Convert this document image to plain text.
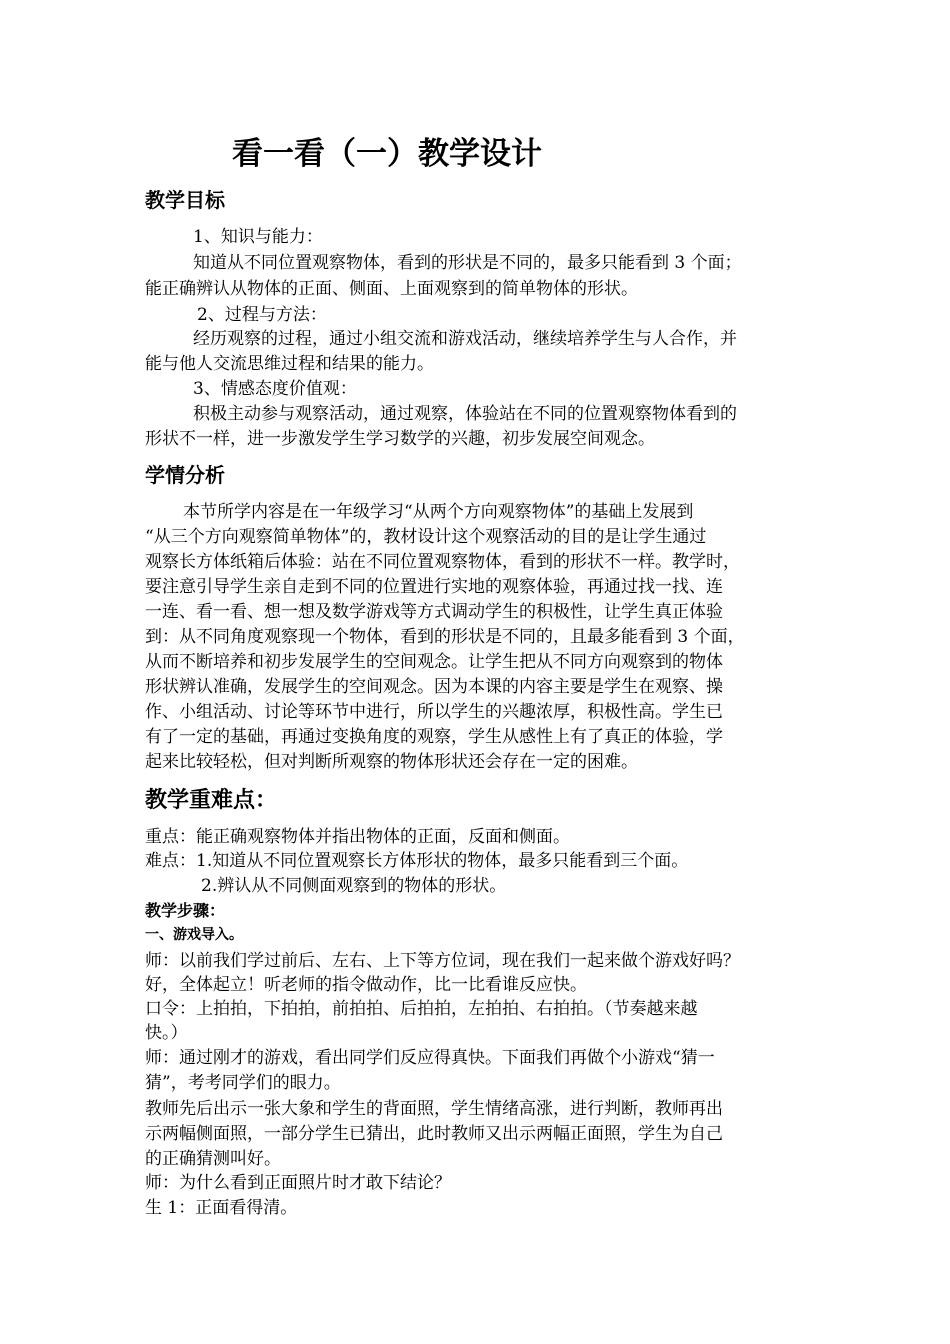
看一看（一）教学设计
教学目标
1、知识与能力：
知道从不同位置观察物体，看到的形状是不同的，最多只能看到 3 个面；
能正确辨认从物体的正面、侧面、上面观察到的简单物体的形状。
2、过程与方法：
经历观察的过程，通过小组交流和游戏活动，继续培养学生与人合作，并
能与他人交流思维过程和结果的能力。
3、情感态度价值观：
积极主动参与观察活动，通过观察，体验站在不同的位置观察物体看到的
形状不一样，进一步激发学生学习数学的兴趣，初步发展空间观念。
学情分析
本节所学内容是在一年级学习“从两个方向观察物体”的基础上发展到
“从三个方向观察简单物体”的，教材设计这个观察活动的目的是让学生通过
观察长方体纸箱后体验：站在不同位置观察物体，看到的形状不一样。教学时，
要注意引导学生亲自走到不同的位置进行实地的观察体验，再通过找一找、连
一连、看一看、想一想及数学游戏等方式调动学生的积极性，让学生真正体验
到：从不同角度观察现一个物体，看到的形状是不同的，且最多能看到 3 个面，
从而不断培养和初步发展学生的空间观念。让学生把从不同方向观察到的物体
形状辨认准确，发展学生的空间观念。因为本课的内容主要是学生在观察、操
作、小组活动、讨论等环节中进行，所以学生的兴趣浓厚，积极性高。学生已
有了一定的基础，再通过变换角度的观察，学生从感性上有了真正的体验，学
起来比较轻松，但对判断所观察的物体形状还会存在一定的困难。
教学重难点：
重点：能正确观察物体并指出物体的正面，反面和侧面。
难点：1.知道从不同位置观察长方体形状的物体，最多只能看到三个面。
2.辨认从不同侧面观察到的物体的形状。
教学步骤：
一、游戏导入。
师：以前我们学过前后、左右、上下等方位词，现在我们一起来做个游戏好吗？
好，全体起立！听老师的指令做动作，比一比看谁反应快。
口令：上拍拍，下拍拍，前拍拍、后拍拍，左拍拍、右拍拍。（节奏越来越
快。）
师：通过刚才的游戏，看出同学们反应得真快。下面我们再做个小游戏“猜一
猜”，考考同学们的眼力。
教师先后出示一张大象和学生的背面照，学生情绪高涨，进行判断，教师再出
示两幅侧面照，一部分学生已猜出，此时教师又出示两幅正面照，学生为自己
的正确猜测叫好。
师：为什么看到正面照片时才敢下结论？
生 1：正面看得清。
